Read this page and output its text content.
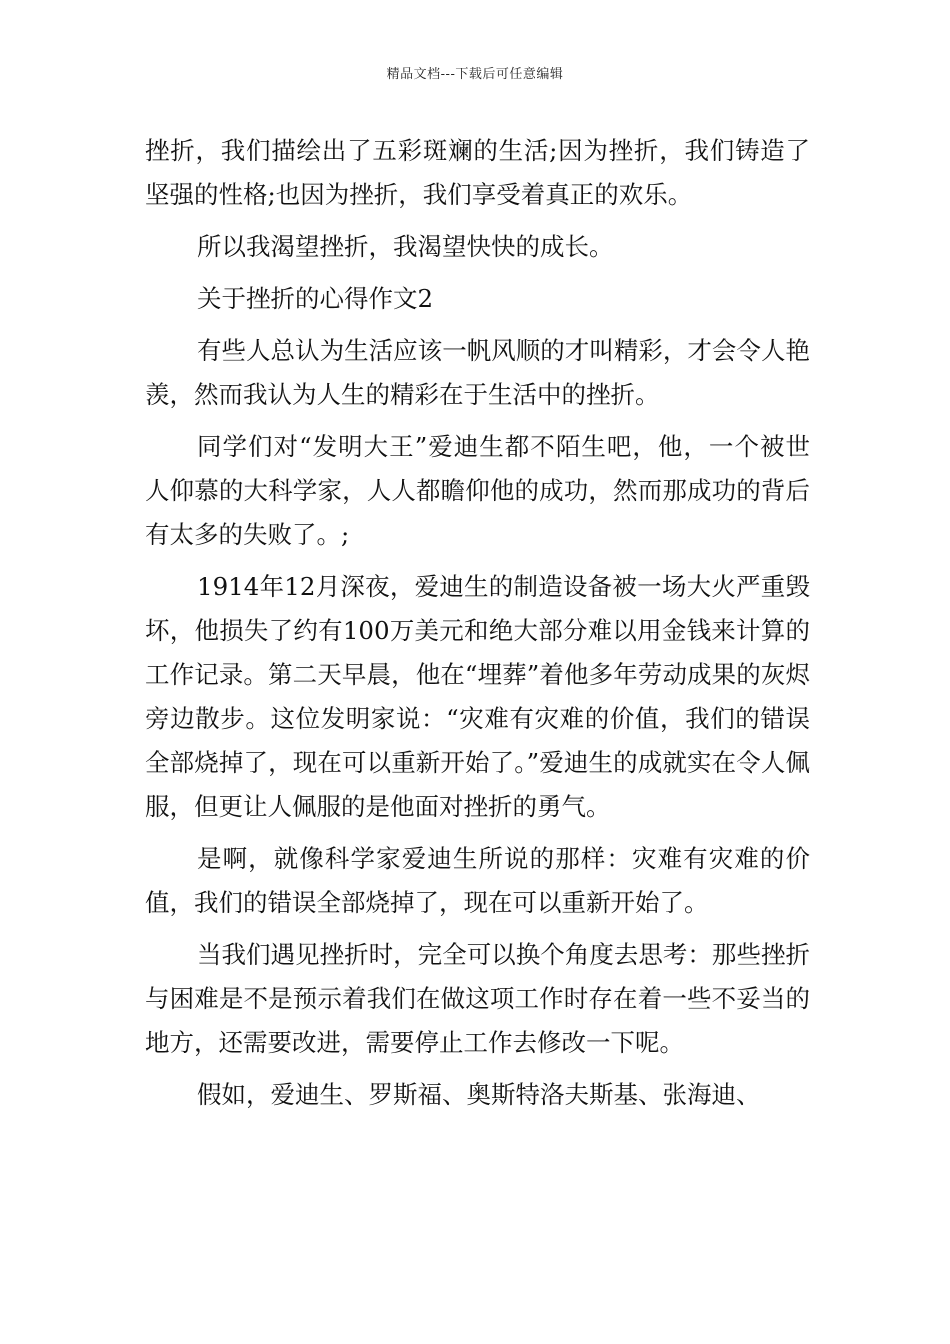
精品文档---下载后可任意编辑

挫折，我们描绘出了五彩斑斓的生活;因为挫折，我们铸造了坚强的性格;也因为挫折，我们享受着真正的欢乐。

所以我渴望挫折，我渴望快快的成长。

关于挫折的心得作文2

有些人总认为生活应该一帆风顺的才叫精彩，才会令人艳羡，然而我认为人生的精彩在于生活中的挫折。

同学们对“发明大王”爱迪生都不陌生吧，他，一个被世人仰慕的大科学家，人人都瞻仰他的成功，然而那成功的背后有太多的失败了。;

1914年12月深夜，爱迪生的制造设备被一场大火严重毁坏，他损失了约有100万美元和绝大部分难以用金钱来计算的工作记录。第二天早晨，他在“埋葬”着他多年劳动成果的灰烬旁边散步。这位发明家说：“灾难有灾难的价值，我们的错误全部烧掉了，现在可以重新开始了。”爱迪生的成就实在令人佩服，但更让人佩服的是他面对挫折的勇气。

是啊，就像科学家爱迪生所说的那样：灾难有灾难的价值，我们的错误全部烧掉了，现在可以重新开始了。

当我们遇见挫折时，完全可以换个角度去思考：那些挫折与困难是不是预示着我们在做这项工作时存在着一些不妥当的地方，还需要改进，需要停止工作去修改一下呢。

假如，爱迪生、罗斯福、奥斯特洛夫斯基、张海迪、
